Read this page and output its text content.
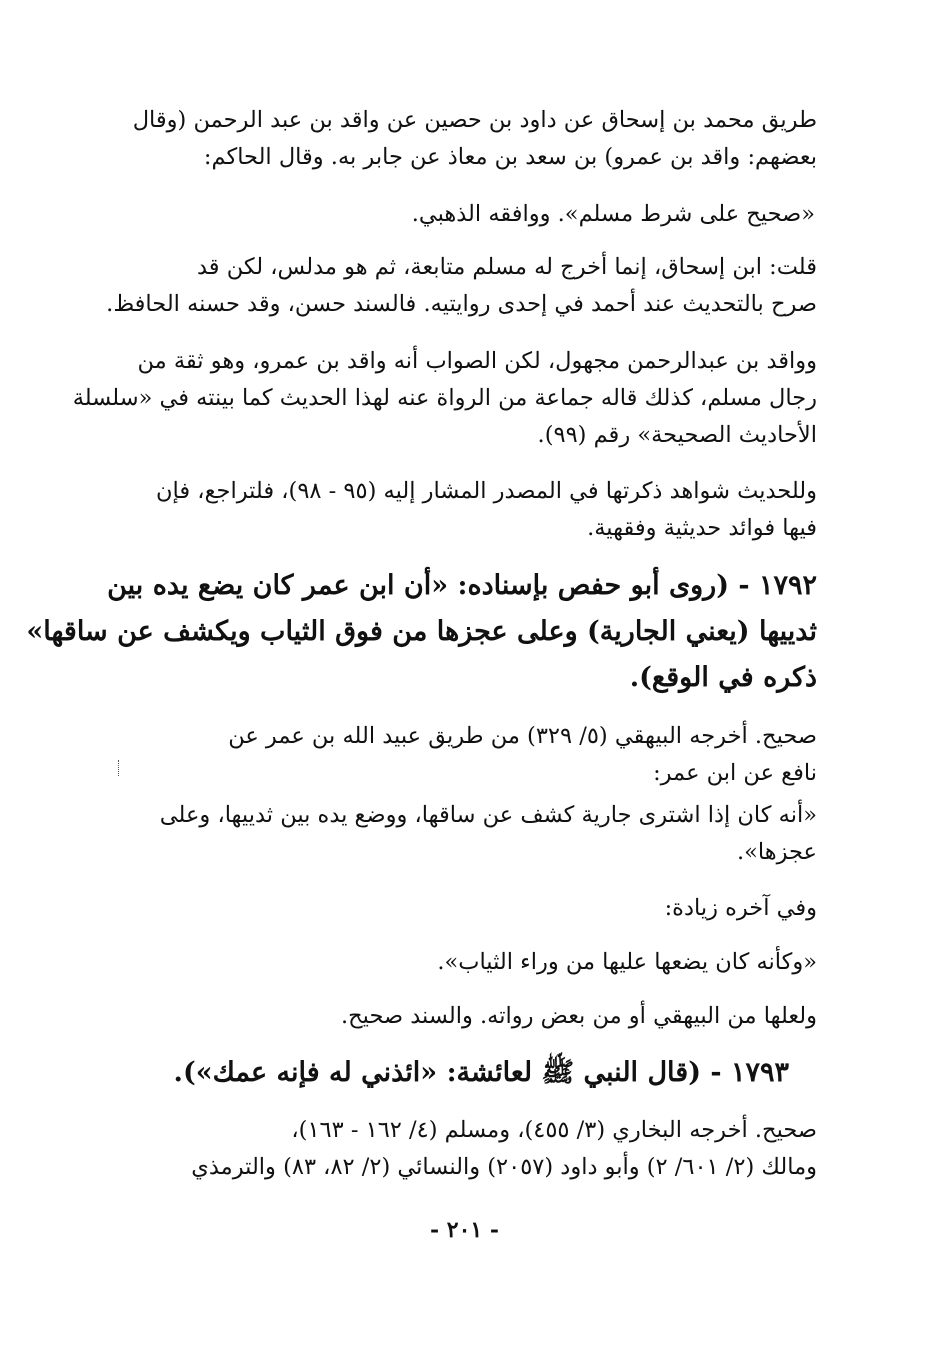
طريق محمد بن إسحاق عن داود بن حصين عن واقد بن عبد الرحمن (وقال
بعضهم: واقد بن عمرو) بن سعد بن معاذ عن جابر به. وقال الحاكم:
«صحيح على شرط مسلم». ووافقه الذهبي.
قلت: ابن إسحاق، إنما أخرج له مسلم متابعة، ثم هو مدلس، لكن قد
صرح بالتحديث عند أحمد في إحدى روايتيه. فالسند حسن، وقد حسنه الحافظ.
وواقد بن عبدالرحمن مجهول، لكن الصواب أنه واقد بن عمرو، وهو ثقة من
رجال مسلم، كذلك قاله جماعة من الرواة عنه لهذا الحديث كما بينته في «سلسلة
الأحاديث الصحيحة» رقم (٩٩).
وللحديث شواهد ذكرتها في المصدر المشار إليه (٩٥ - ٩٨)، فلتراجع، فإن
فيها فوائد حديثية وفقهية.
١٧٩٢ - (روى أبو حفص بإسناده: «أن ابن عمر كان يضع يده بين
ثدييها (يعني الجارية) وعلى عجزها من فوق الثياب ويكشف عن ساقها»
ذكره في الوقع).
صحيح. أخرجه البيهقي (٥/ ٣٢٩) من طريق عبيد الله بن عمر عن
نافع عن ابن عمر:
«أنه كان إذا اشترى جارية كشف عن ساقها، ووضع يده بين ثدييها، وعلى
عجزها».
وفي آخره زيادة:
«وكأنه كان يضعها عليها من وراء الثياب».
ولعلها من البيهقي أو من بعض رواته. والسند صحيح.
١٧٩٣ - (قال النبي ﷺ لعائشة: «ائذني له فإنه عمك»).
صحيح. أخرجه البخاري (٣/ ٤٥٥)، ومسلم (٤/ ١٦٢ - ١٦٣)،
ومالك (٢/ ٦٠١/ ٢) وأبو داود (٢٠٥٧) والنسائي (٢/ ٨٢، ٨٣) والترمذي
- ٢٠١ -
